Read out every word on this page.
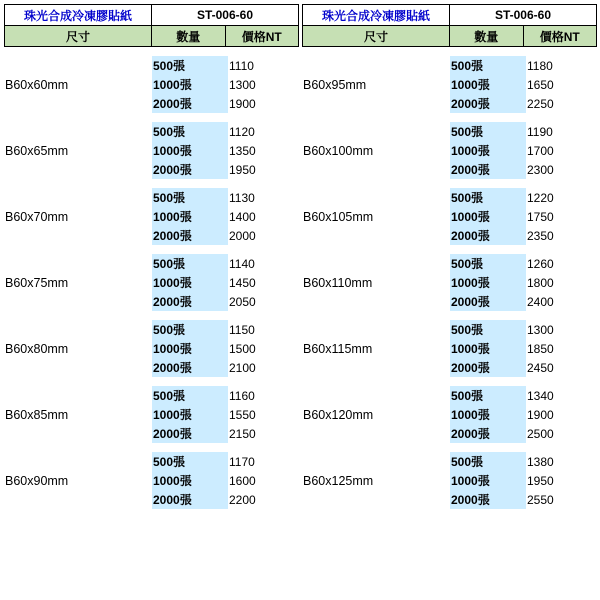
珠光合成冷凍膠貼紙	ST-006-60	
尺寸	數量	價格NT
B60x60mm	500張	1110
	1000張	1300
	2000張	1900
B60x65mm	500張	1120
	1000張	1350
	2000張	1950
B60x70mm	500張	1130
	1000張	1400
	2000張	2000
B60x75mm	500張	1140
	1000張	1450
	2000張	2050
B60x80mm	500張	1150
	1000張	1500
	2000張	2100
B60x85mm	500張	1160
	1000張	1550
	2000張	2150
B60x90mm	500張	1170
	1000張	1600
	2000張	2200
珠光合成冷凍膠貼紙	ST-006-60	
尺寸	數量	價格NT
B60x95mm	500張	1180
	1000張	1650
	2000張	2250
B60x100mm	500張	1190
	1000張	1700
	2000張	2300
B60x105mm	500張	1220
	1000張	1750
	2000張	2350
B60x110mm	500張	1260
	1000張	1800
	2000張	2400
B60x115mm	500張	1300
	1000張	1850
	2000張	2450
B60x120mm	500張	1340
	1000張	1900
	2000張	2500
B60x125mm	500張	1380
	1000張	1950
	2000張	2550
